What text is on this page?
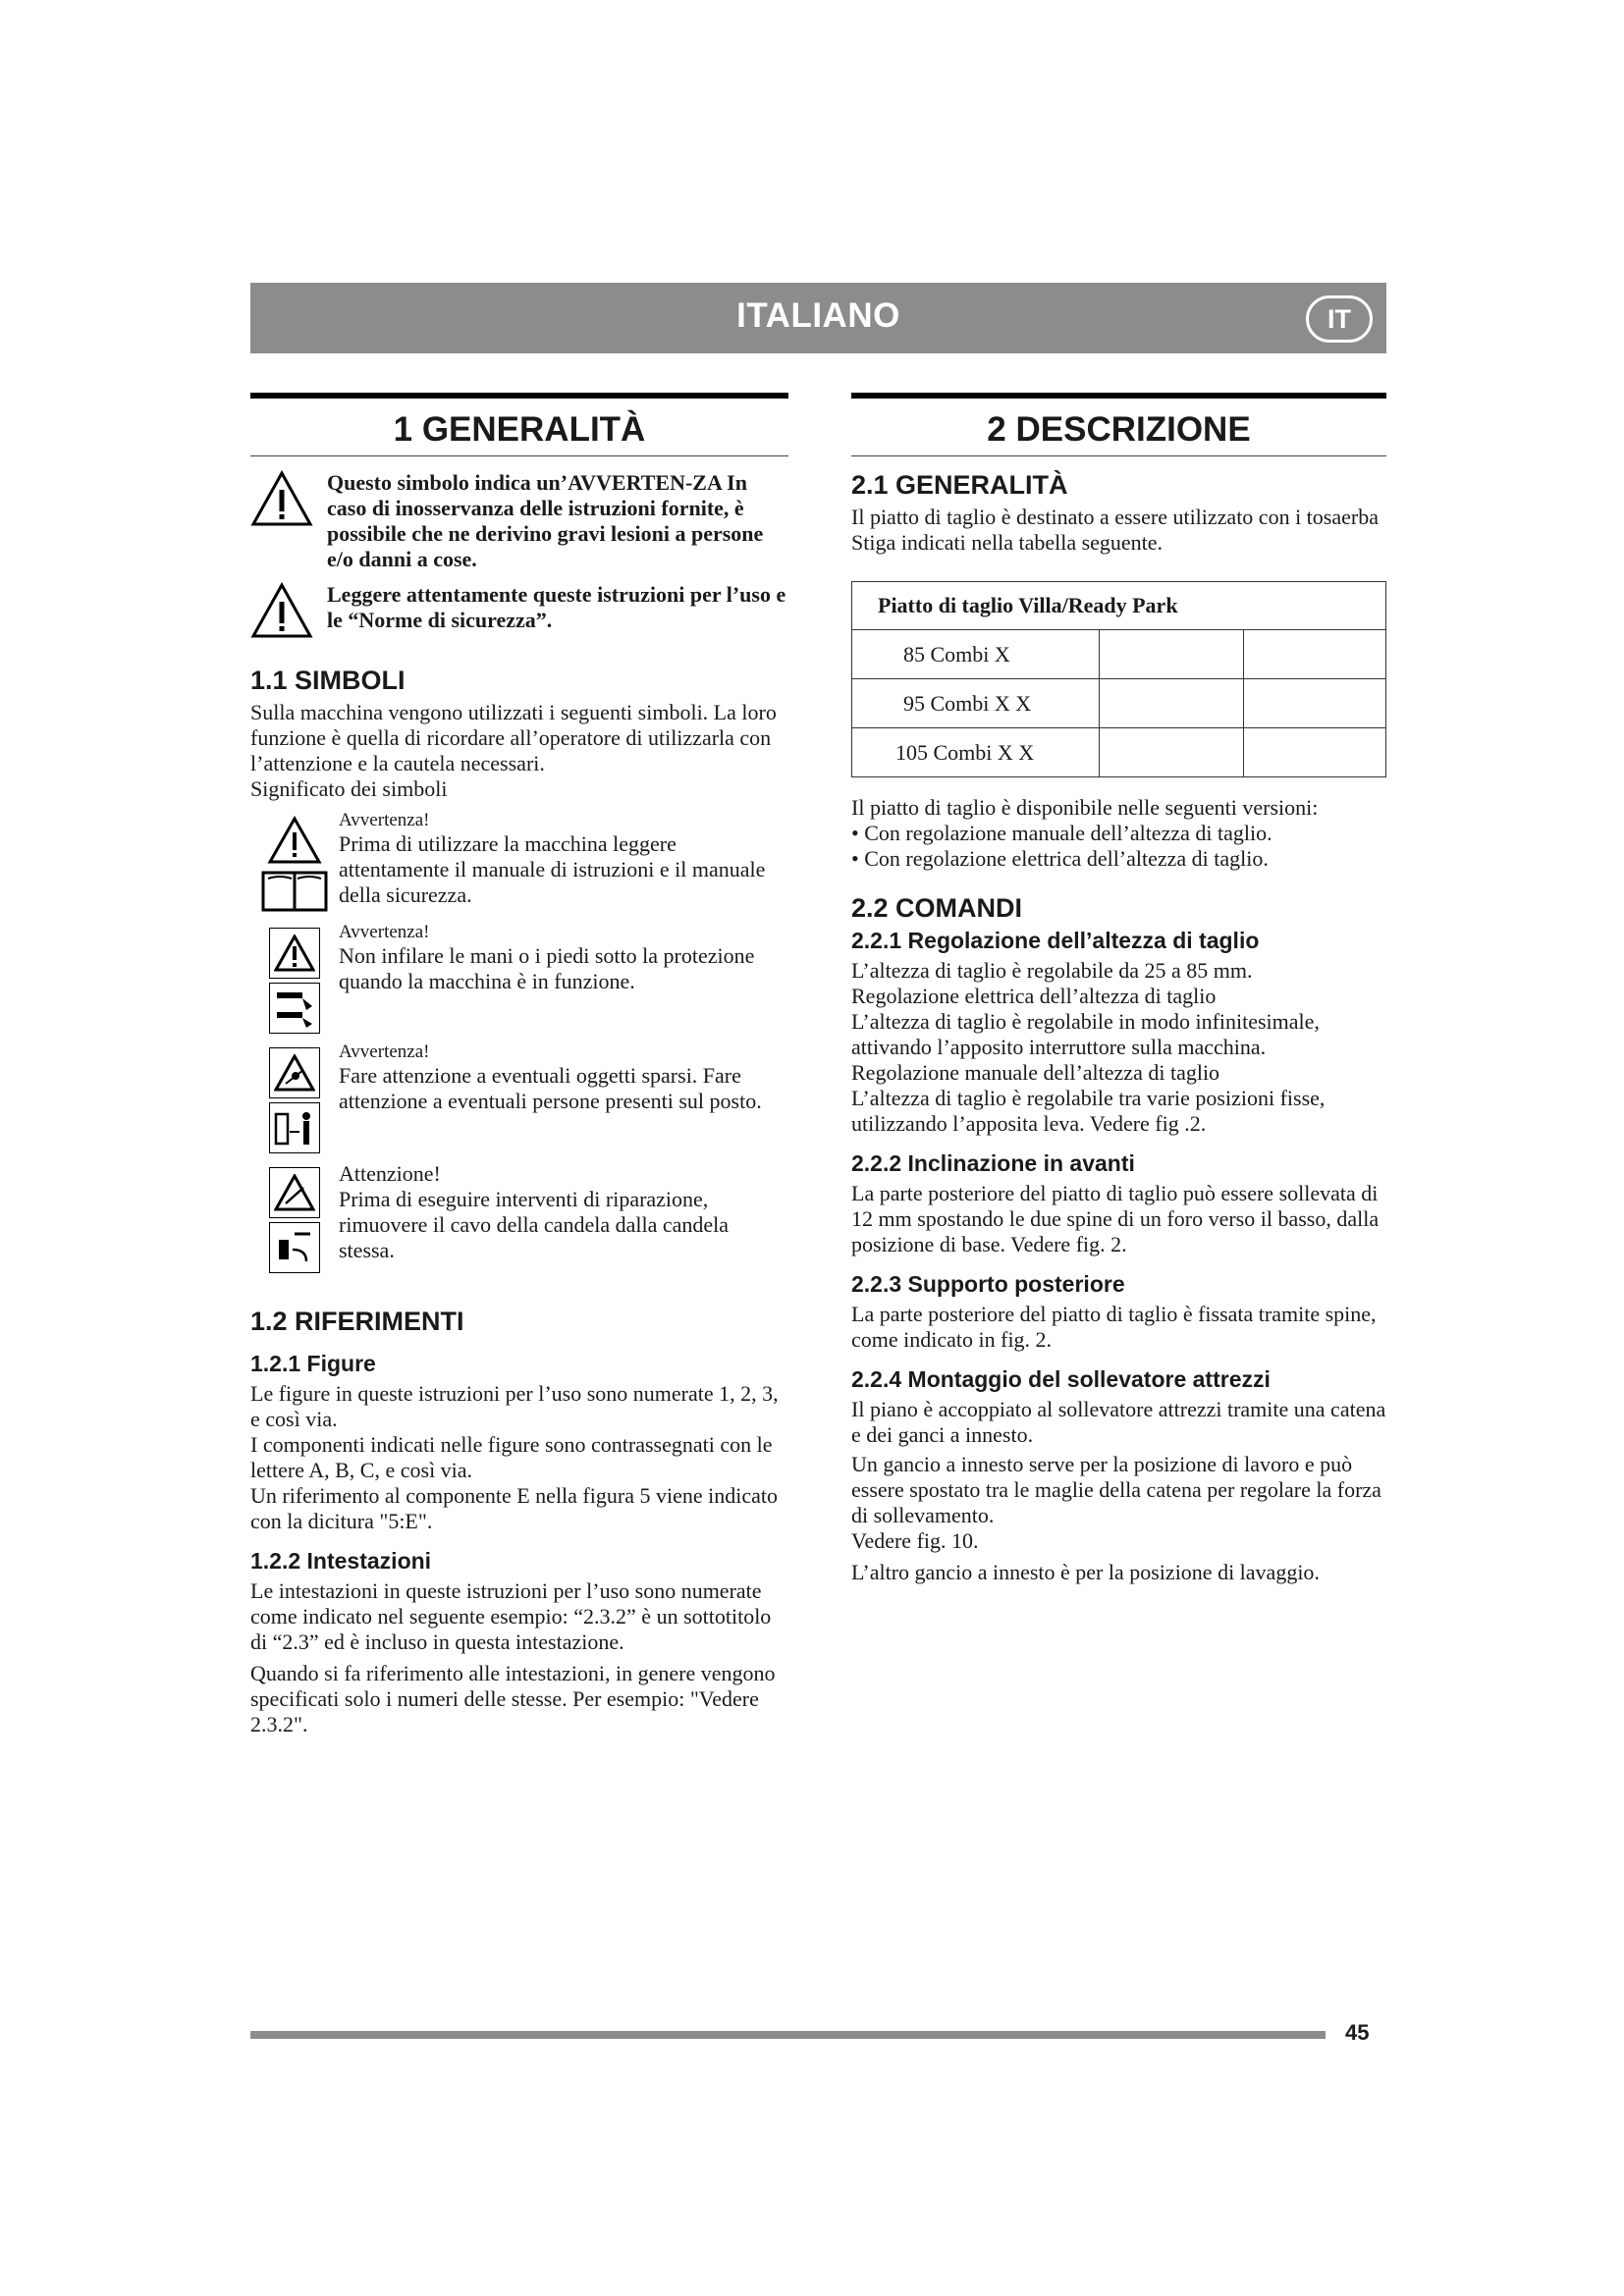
ITALIANO	IT
1 GENERALITÀ

Questo simbolo indica un’AVVERTEN-ZA In caso di inosservanza delle istruzioni fornite, è possibile che ne derivino gravi lesioni a persone e/o danni a cose.

Leggere attentamente queste istruzioni per l’uso e le “Norme di sicurezza”.

1.1 SIMBOLI

Sulla macchina vengono utilizzati i seguenti simboli. La loro funzione è quella di ricordare all’operatore di utilizzarla con l’attenzione e la cautela necessari.

Significato dei simboli

Avvertenza!

Prima di utilizzare la macchina leggere attentamente il manuale di istruzioni e il manuale della sicurezza.

Avvertenza!

Non infilare le mani o i piedi sotto la protezione quando la macchina è in funzione.

Avvertenza!

Fare attenzione a eventuali oggetti sparsi. Fare attenzione a eventuali persone presenti sul posto.

Attenzione!

Prima di eseguire interventi di riparazione, rimuovere il cavo della candela dalla candela stessa.

1.2 RIFERIMENTI
1.2.1 Figure

Le figure in queste istruzioni per l’uso sono numerate 1, 2, 3, e così via.

I componenti indicati nelle figure sono contrassegnati con le lettere A, B, C, e così via.

Un riferimento al componente E nella figura 5 viene indicato con la dicitura "5:E".

1.2.2 Intestazioni

Le intestazioni in queste istruzioni per l’uso sono numerate come indicato nel seguente esempio: “2.3.2” è un sottotitolo di “2.3” ed è incluso in questa intestazione.

Quando si fa riferimento alle intestazioni, in genere vengono specificati solo i numeri delle stesse. Per esempio: "Vedere 2.3.2".

2 DESCRIZIONE
2.1 GENERALITÀ

Il piatto di taglio è destinato a essere utilizzato con i tosaerba Stiga indicati nella tabella seguente.

Piatto di taglio Villa/Ready Park		
85 Combi X		
95 Combi X X		
105 Combi X X		

Il piatto di taglio è disponibile nelle seguenti versioni:

• Con regolazione manuale dell’altezza di taglio.

• Con regolazione elettrica dell’altezza di taglio.

2.2 COMANDI
2.2.1 Regolazione dell’altezza di taglio

L’altezza di taglio è regolabile da 25 a 85 mm.

Regolazione elettrica dell’altezza di taglio

L’altezza di taglio è regolabile in modo infinitesimale, attivando l’apposito interruttore sulla macchina.

Regolazione manuale dell’altezza di taglio

L’altezza di taglio è regolabile tra varie posizioni fisse, utilizzando l’apposita leva. Vedere fig .2.

2.2.2 Inclinazione in avanti

La parte posteriore del piatto di taglio può essere sollevata di 12 mm spostando le due spine di un foro verso il basso, dalla posizione di base. Vedere fig. 2.

2.2.3 Supporto posteriore

La parte posteriore del piatto di taglio è fissata tramite spine, come indicato in fig. 2.

2.2.4 Montaggio del sollevatore attrezzi

Il piano è accoppiato al sollevatore attrezzi tramite una catena e dei ganci a innesto.

Un gancio a innesto serve per la posizione di lavoro e può essere spostato tra le maglie della catena per regolare la forza di sollevamento.

Vedere fig. 10.

L’altro gancio a innesto è per la posizione di lavaggio.

45
